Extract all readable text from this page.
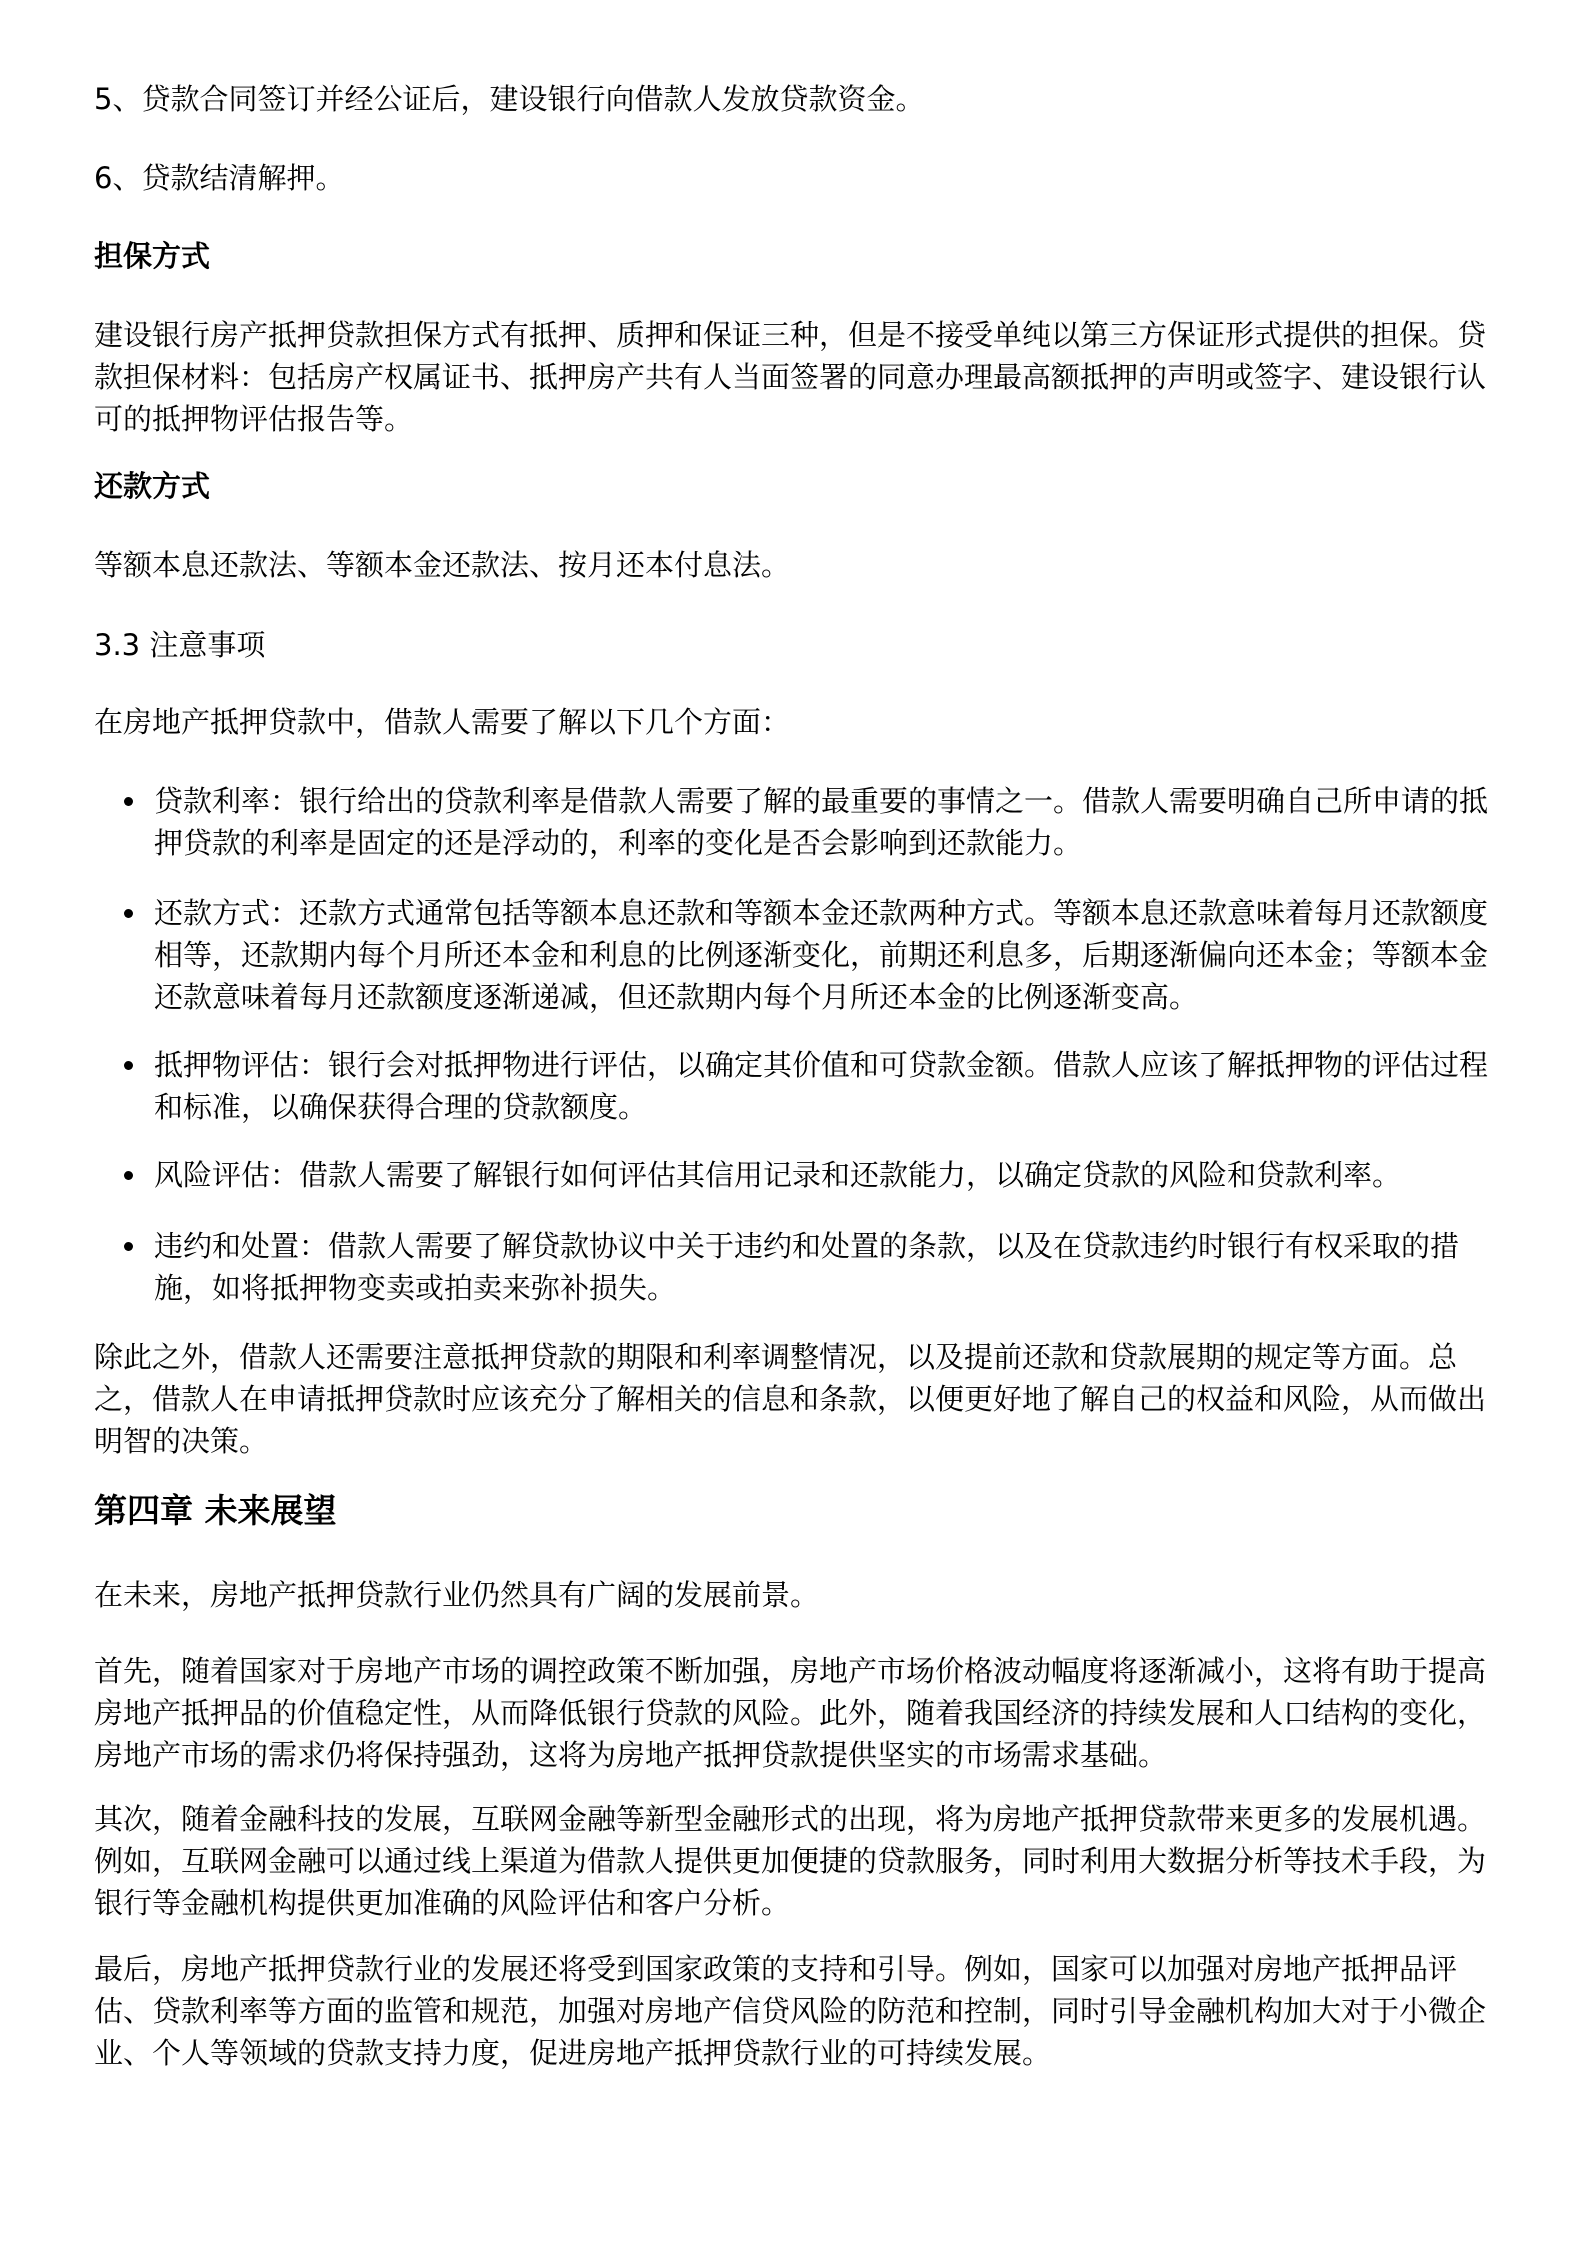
5、贷款合同签订并经公证后，建设银行向借款人发放贷款资金。

6、贷款结清解押。

担保方式

建设银行房产抵押贷款担保方式有抵押、质押和保证三种，但是不接受单纯以第三方保证形式提供的担保。贷款担保材料：包括房产权属证书、抵押房产共有人当面签署的同意办理最高额抵押的声明或签字、建设银行认可的抵押物评估报告等。

还款方式

等额本息还款法、等额本金还款法、按月还本付息法。

3.3 注意事项

在房地产抵押贷款中，借款人需要了解以下几个方面：

贷款利率：银行给出的贷款利率是借款人需要了解的最重要的事情之一。借款人需要明确自己所申请的抵押贷款的利率是固定的还是浮动的，利率的变化是否会影响到还款能力。
还款方式：还款方式通常包括等额本息还款和等额本金还款两种方式。等额本息还款意味着每月还款额度相等，还款期内每个月所还本金和利息的比例逐渐变化，前期还利息多，后期逐渐偏向还本金；等额本金还款意味着每月还款额度逐渐递减，但还款期内每个月所还本金的比例逐渐变高。
抵押物评估：银行会对抵押物进行评估，以确定其价值和可贷款金额。借款人应该了解抵押物的评估过程和标准，以确保获得合理的贷款额度。
风险评估：借款人需要了解银行如何评估其信用记录和还款能力，以确定贷款的风险和贷款利率。
违约和处置：借款人需要了解贷款协议中关于违约和处置的条款，以及在贷款违约时银行有权采取的措施，如将抵押物变卖或拍卖来弥补损失。

除此之外，借款人还需要注意抵押贷款的期限和利率调整情况，以及提前还款和贷款展期的规定等方面。总之，借款人在申请抵押贷款时应该充分了解相关的信息和条款，以便更好地了解自己的权益和风险，从而做出明智的决策。

第四章 未来展望

在未来，房地产抵押贷款行业仍然具有广阔的发展前景。

首先，随着国家对于房地产市场的调控政策不断加强，房地产市场价格波动幅度将逐渐减小，这将有助于提高房地产抵押品的价值稳定性，从而降低银行贷款的风险。此外，随着我国经济的持续发展和人口结构的变化，房地产市场的需求仍将保持强劲，这将为房地产抵押贷款提供坚实的市场需求基础。

其次，随着金融科技的发展，互联网金融等新型金融形式的出现，将为房地产抵押贷款带来更多的发展机遇。例如，互联网金融可以通过线上渠道为借款人提供更加便捷的贷款服务，同时利用大数据分析等技术手段，为银行等金融机构提供更加准确的风险评估和客户分析。

最后，房地产抵押贷款行业的发展还将受到国家政策的支持和引导。例如，国家可以加强对房地产抵押品评估、贷款利率等方面的监管和规范，加强对房地产信贷风险的防范和控制，同时引导金融机构加大对于小微企业、个人等领域的贷款支持力度，促进房地产抵押贷款行业的可持续发展。
